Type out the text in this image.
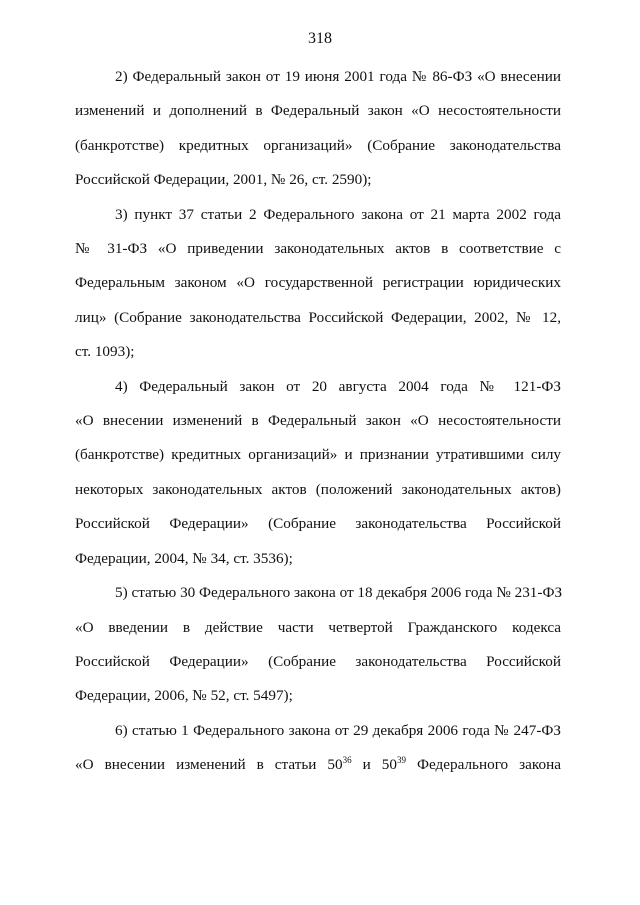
318
2) Федеральный закон от 19 июня 2001 года № 86-ФЗ «О внесении
изменений и дополнений в Федеральный закон «О несостоятельности
(банкротстве) кредитных организаций» (Собрание законодательства
Российской Федерации, 2001, № 26, ст. 2590);
3) пункт 37 статьи 2 Федерального закона от 21 марта 2002 года
№ 31-ФЗ «О приведении законодательных актов в соответствие с
Федеральным законом «О государственной регистрации юридических
лиц» (Собрание законодательства Российской Федерации, 2002, № 12,
ст. 1093);
4) Федеральный закон от 20 августа 2004 года № 121-ФЗ
«О внесении изменений в Федеральный закон «О несостоятельности
(банкротстве) кредитных организаций» и признании утратившими силу
некоторых законодательных актов (положений законодательных актов)
Российской Федерации» (Собрание законодательства Российской
Федерации, 2004, № 34, ст. 3536);
5) статью 30 Федерального закона от 18 декабря 2006 года № 231-ФЗ
«О введении в действие части четвертой Гражданского кодекса
Российской Федерации» (Собрание законодательства Российской
Федерации, 2006, № 52, ст. 5497);
6) статью 1 Федерального закона от 29 декабря 2006 года № 247-ФЗ
«О внесении изменений в статьи $50^{36}$ и $50^{39}$ Федерального закона
